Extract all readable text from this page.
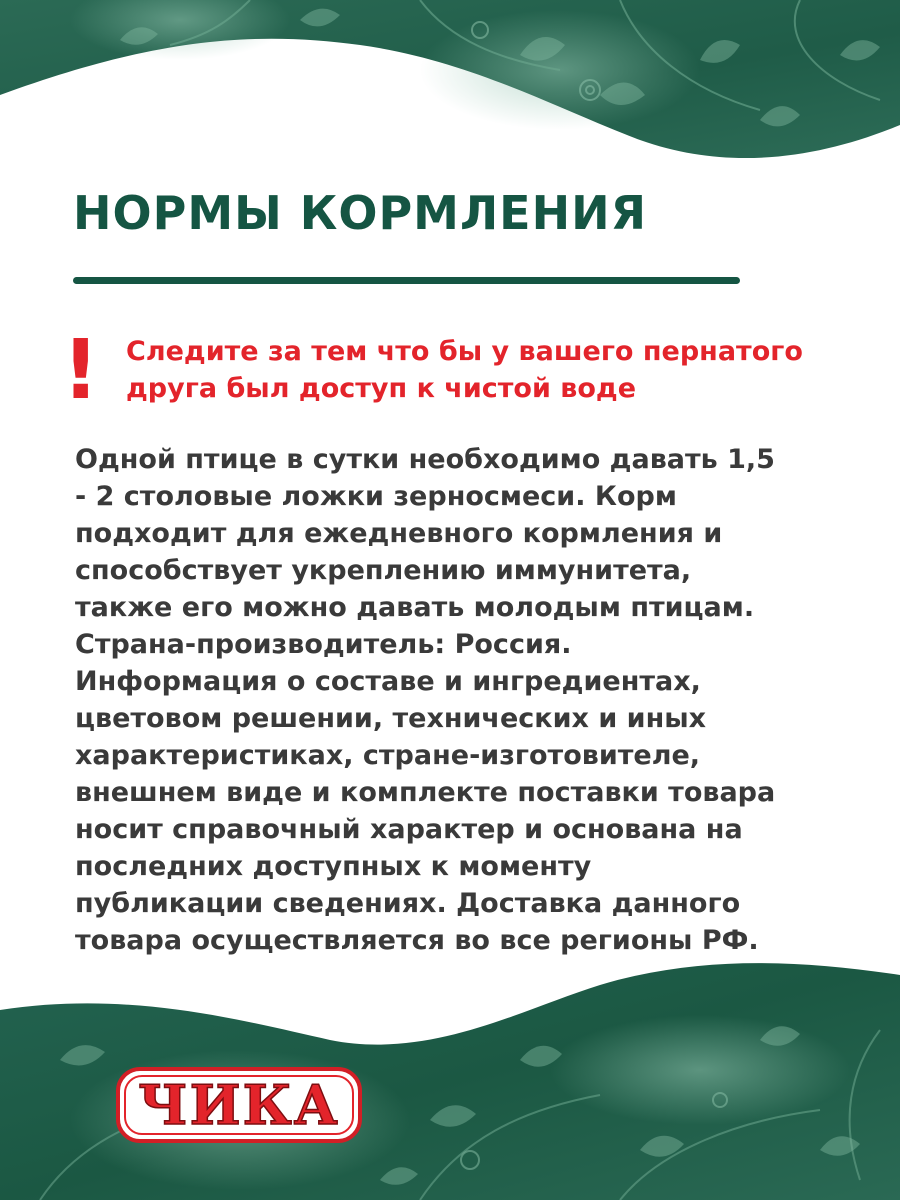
НОРМЫ КОРМЛЕНИЯ
! Следите за тем что бы у вашего пернатого друга был доступ к чистой воде

Одной птице в сутки необходимо давать 1,5
- 2 столовые ложки зерносмеси. Корм
подходит для ежедневного кормления и
способствует укреплению иммунитета,
также его можно давать молодым птицам.
Страна-производитель: Россия.
Информация о составе и ингредиентах,
цветовом решении, технических и иных
характеристиках, стране-изготовителе,
внешнем виде и комплекте поставки товара
носит справочный характер и основана на
последних доступных к моменту
публикации сведениях. Доставка данного
товара осуществляется во все регионы РФ.
ЧИКА
